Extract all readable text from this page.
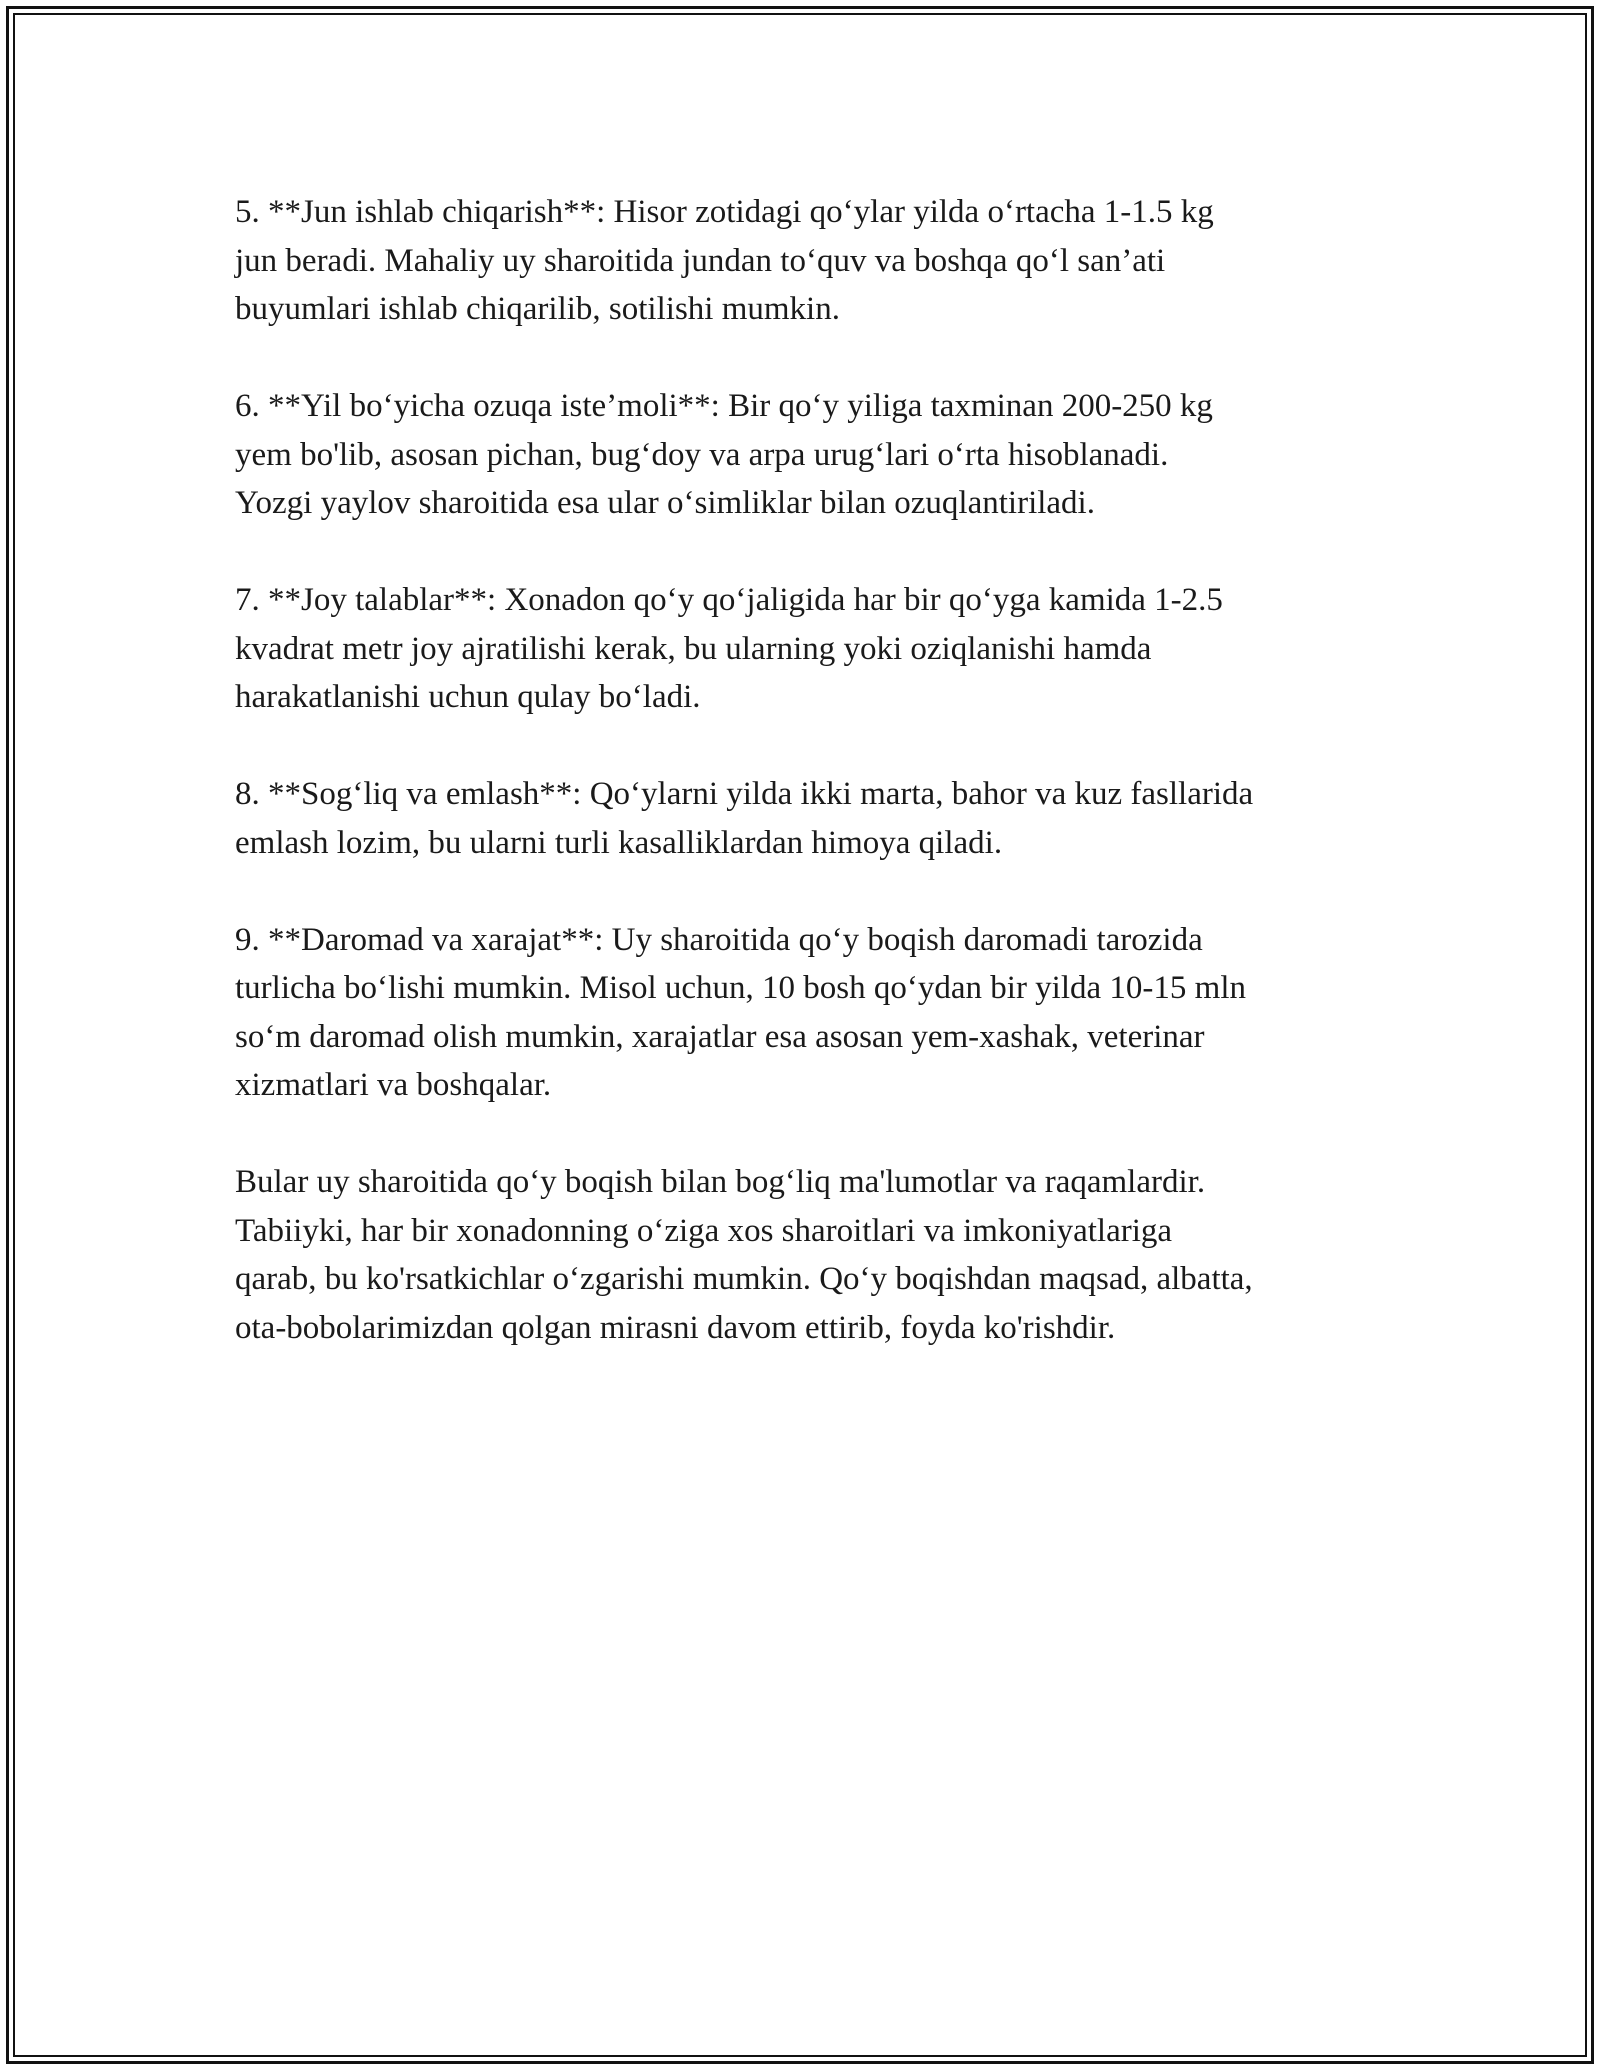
5. **Jun ishlab chiqarish**: Hisor zotidagi qo‘ylar yilda o‘rtacha 1-1.5 kg
jun beradi. Mahaliy uy sharoitida jundan to‘quv va boshqa qo‘l san’ati
buyumlari ishlab chiqarilib, sotilishi mumkin.

6. **Yil bo‘yicha ozuqa iste’moli**: Bir qo‘y yiliga taxminan 200-250 kg
yem bo'lib, asosan pichan, bug‘doy va arpa urug‘lari o‘rta hisoblanadi.
Yozgi yaylov sharoitida esa ular o‘simliklar bilan ozuqlantiriladi.

7. **Joy talablar**: Xonadon qo‘y qo‘jaligida har bir qo‘yga kamida 1-2.5
kvadrat metr joy ajratilishi kerak, bu ularning yoki oziqlanishi hamda
harakatlanishi uchun qulay bo‘ladi.

8. **Sog‘liq va emlash**: Qo‘ylarni yilda ikki marta, bahor va kuz fasllarida
emlash lozim, bu ularni turli kasalliklardan himoya qiladi.

9. **Daromad va xarajat**: Uy sharoitida qo‘y boqish daromadi tarozida
turlicha bo‘lishi mumkin. Misol uchun, 10 bosh qo‘ydan bir yilda 10-15 mln
so‘m daromad olish mumkin, xarajatlar esa asosan yem-xashak, veterinar
xizmatlari va boshqalar.

Bular uy sharoitida qo‘y boqish bilan bog‘liq ma'lumotlar va raqamlardir.
Tabiiyki, har bir xonadonning o‘ziga xos sharoitlari va imkoniyatlariga
qarab, bu ko'rsatkichlar o‘zgarishi mumkin. Qo‘y boqishdan maqsad, albatta,
ota-bobolarimizdan qolgan mirasni davom ettirib, foyda ko'rishdir.
